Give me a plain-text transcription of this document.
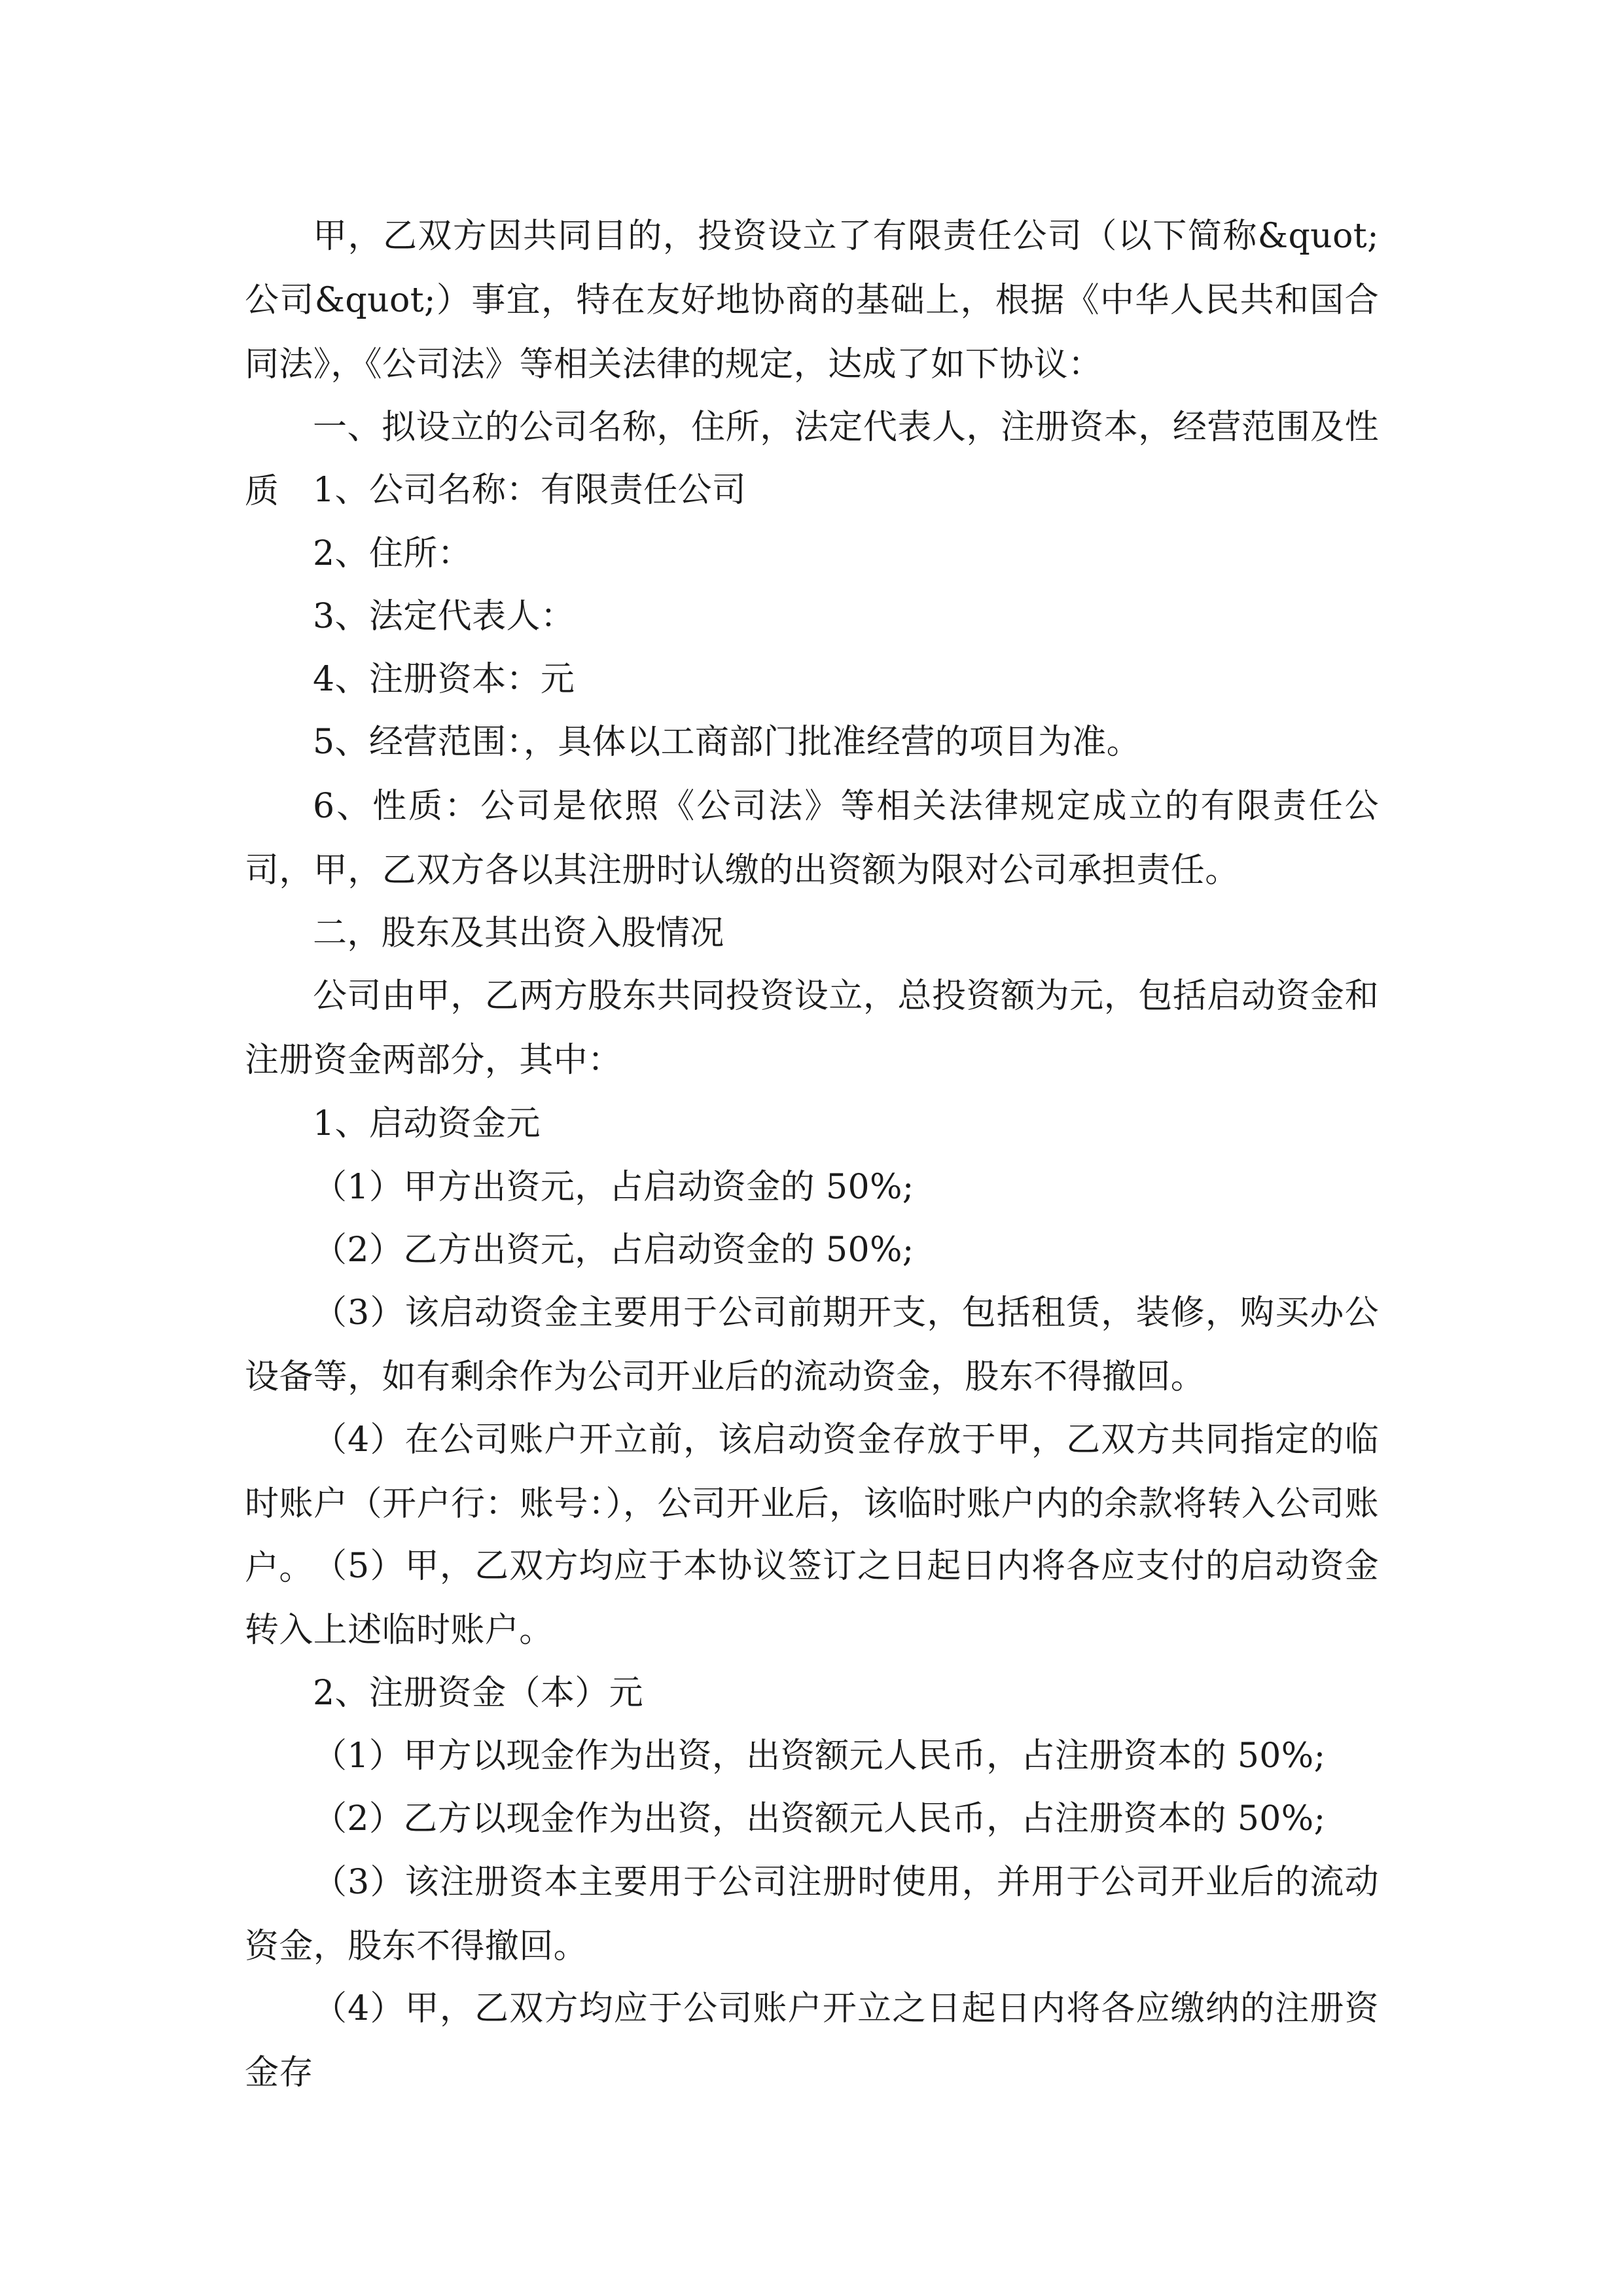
甲，乙双方因共同目的，投资设立了有限责任公司（以下简称&quot;公司&quot;）事宜，特在友好地协商的基础上，根据《中华人民共和国合同法》，《公司法》等相关法律的规定，达成了如下协议：

一、拟设立的公司名称，住所，法定代表人，注册资本，经营范围及性质 1、公司名称：有限责任公司

2、住所：

3、法定代表人：

4、注册资本：元

5、经营范围：，具体以工商部门批准经营的项目为准。

6、性质：公司是依照《公司法》等相关法律规定成立的有限责任公司，甲，乙双方各以其注册时认缴的出资额为限对公司承担责任。

二，股东及其出资入股情况

公司由甲，乙两方股东共同投资设立，总投资额为元，包括启动资金和注册资金两部分，其中：

1、启动资金元

（1）甲方出资元，占启动资金的 50%;

（2）乙方出资元，占启动资金的 50%;

（3）该启动资金主要用于公司前期开支，包括租赁，装修，购买办公设备等，如有剩余作为公司开业后的流动资金，股东不得撤回。

（4）在公司账户开立前，该启动资金存放于甲，乙双方共同指定的临时账户（开户行：账号：），公司开业后，该临时账户内的余款将转入公司账户。 （5）甲，乙双方均应于本协议签订之日起日内将各应支付的启动资金转入上述临时账户。

2、注册资金（本）元

（1）甲方以现金作为出资，出资额元人民币，占注册资本的 50%;

（2）乙方以现金作为出资，出资额元人民币，占注册资本的 50%;

（3）该注册资本主要用于公司注册时使用，并用于公司开业后的流动资金，股东不得撤回。

（4）甲，乙双方均应于公司账户开立之日起日内将各应缴纳的注册资金存
